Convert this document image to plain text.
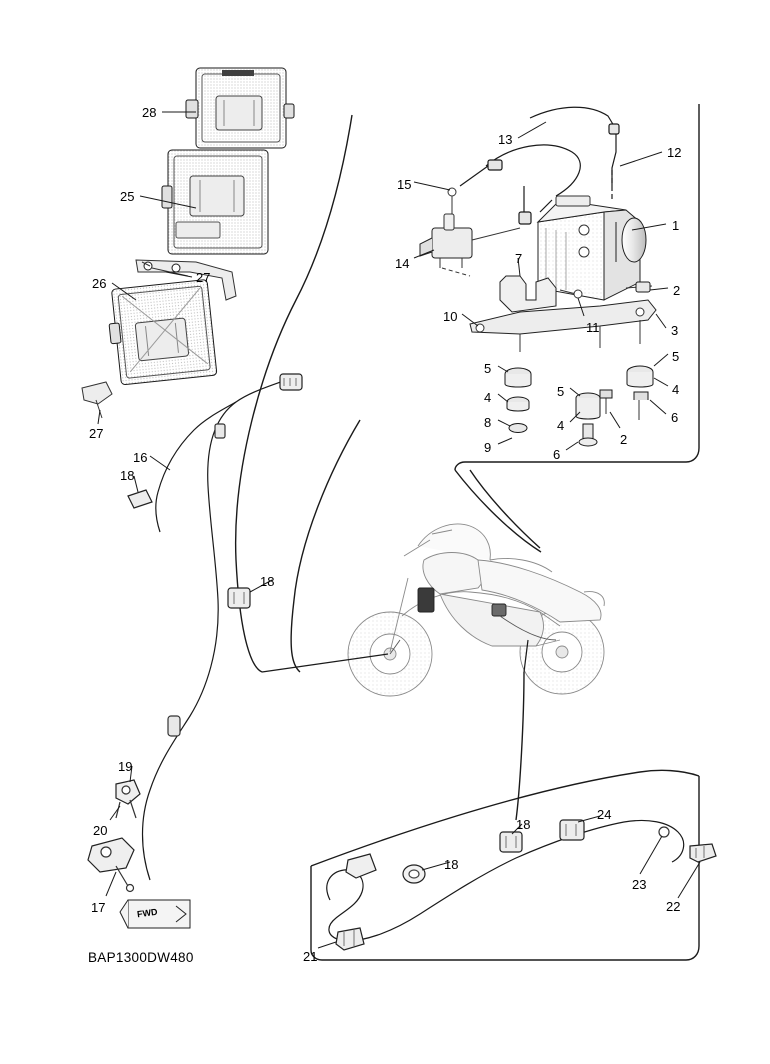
28
25
26	27
27
16
18
18
19
20
17
13
12
15
1
14	7
2
10
11	3
5
5
4	5	4
8	4
6
9
2
6
18
24
18
23
22
21
FWD
BAP1300DW480
